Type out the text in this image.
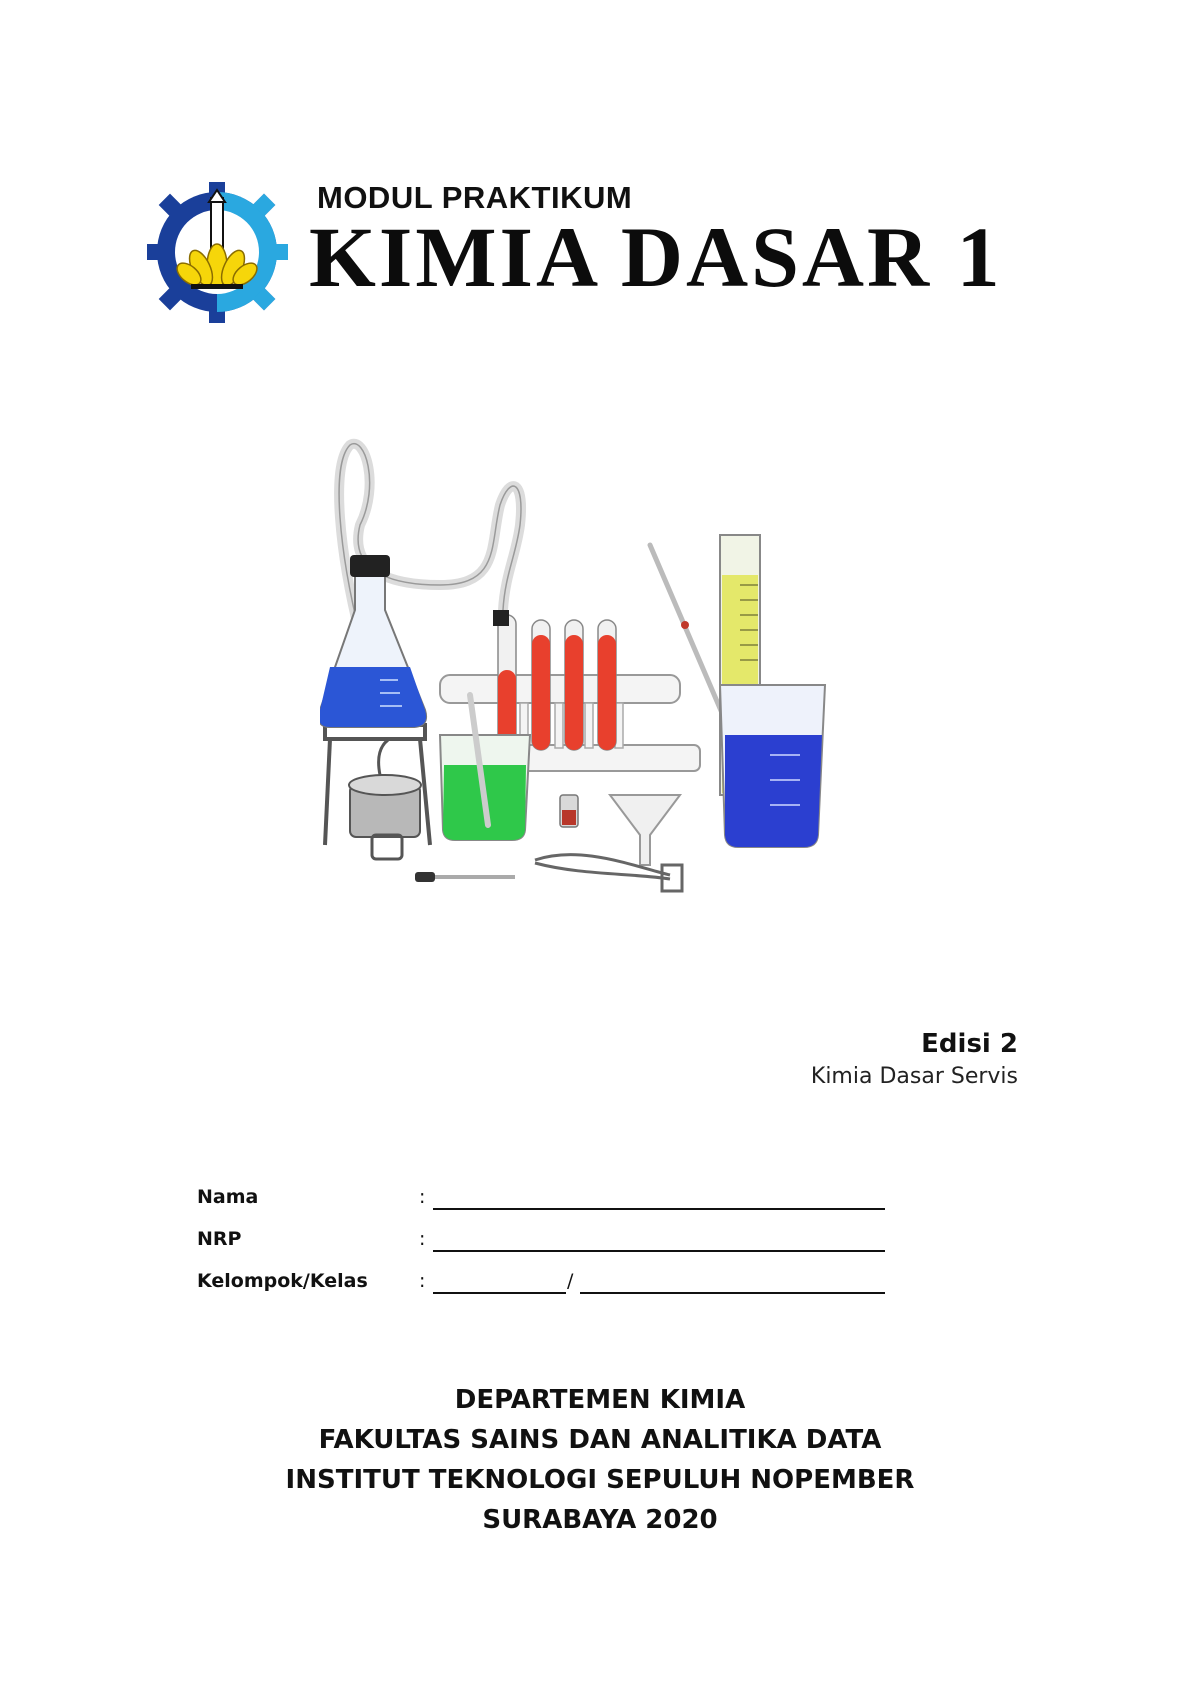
MODUL PRAKTIKUM
KIMIA DASAR 1
Edisi 2
Kimia Dasar Servis
Nama	:
NRP	:
Kelompok/Kelas	:	/
DEPARTEMEN KIMIA
FAKULTAS SAINS DAN ANALITIKA DATA
INSTITUT TEKNOLOGI SEPULUH NOPEMBER
SURABAYA 2020
